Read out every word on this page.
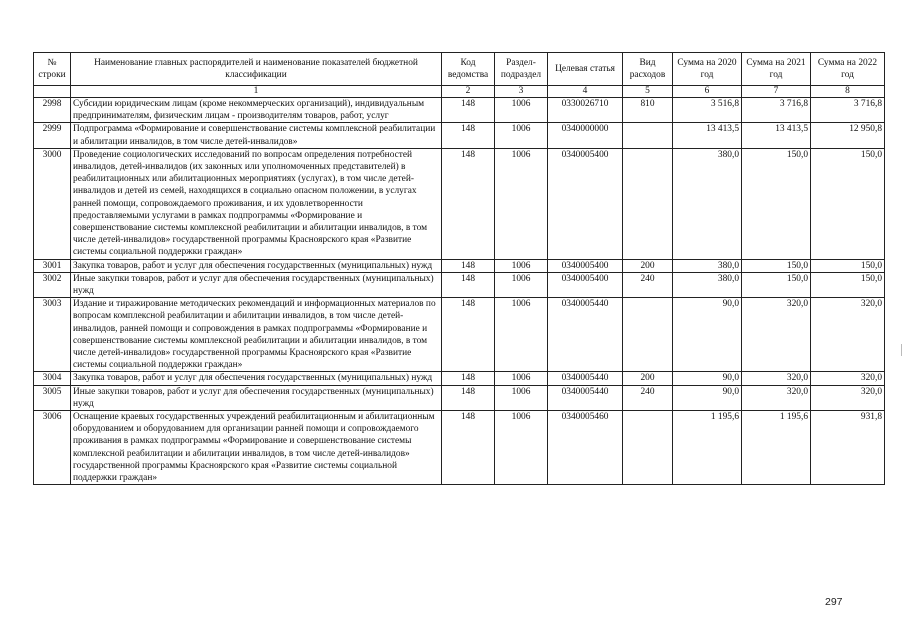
№ строки	Наименование главных распорядителей и наименование показателей бюджетной классификации	Код ведомства	Раздел-подраздел	Целевая статья	Вид расходов	Сумма на 2020 год	Сумма на 2021 год	Сумма на 2022 год
	1	2	3	4	5	6	7	8
2998	Субсидии юридическим лицам (кроме некоммерческих организаций), индивидуальным предпринимателям, физическим лицам - производителям товаров, работ, услуг	148	1006	0330026710	810	3 516,8	3 716,8	3 716,8
2999	Подпрограмма «Формирование и совершенствование системы комплексной реабилитации и абилитации инвалидов, в том числе детей-инвалидов»	148	1006	0340000000		13 413,5	13 413,5	12 950,8
3000	Проведение социологических исследований по вопросам определения потребностей инвалидов, детей-инвалидов (их законных или уполномоченных представителей) в реабилитационных или абилитационных мероприятиях (услугах), в том числе детей-инвалидов и детей из семей, находящихся в социально опасном положении, в услугах ранней помощи, сопровождаемого проживания, и их удовлетворенности предоставляемыми услугами в рамках подпрограммы «Формирование и совершенствование системы комплексной реабилитации и абилитации инвалидов, в том числе детей-инвалидов» государственной программы Красноярского края «Развитие системы социальной поддержки граждан»	148	1006	0340005400		380,0	150,0	150,0
3001	Закупка товаров, работ и услуг для обеспечения государственных (муниципальных) нужд	148	1006	0340005400	200	380,0	150,0	150,0
3002	Иные закупки товаров, работ и услуг для обеспечения государственных (муниципальных) нужд	148	1006	0340005400	240	380,0	150,0	150,0
3003	Издание и тиражирование методических рекомендаций и информационных материалов по вопросам комплексной реабилитации и абилитации инвалидов, в том числе детей-инвалидов, ранней помощи и сопровождения в рамках подпрограммы «Формирование и совершенствование системы комплексной реабилитации и абилитации инвалидов, в том числе детей-инвалидов» государственной программы Красноярского края «Развитие системы социальной поддержки граждан»	148	1006	0340005440		90,0	320,0	320,0
3004	Закупка товаров, работ и услуг для обеспечения государственных (муниципальных) нужд	148	1006	0340005440	200	90,0	320,0	320,0
3005	Иные закупки товаров, работ и услуг для обеспечения государственных (муниципальных) нужд	148	1006	0340005440	240	90,0	320,0	320,0
3006	Оснащение краевых государственных учреждений реабилитационным и абилитационным оборудованием и оборудованием для организации ранней помощи и сопровождаемого проживания в рамках подпрограммы «Формирование и совершенствование системы комплексной реабилитации и абилитации инвалидов, в том числе детей-инвалидов» государственной программы Красноярского края «Развитие системы социальной поддержки граждан»	148	1006	0340005460		1 195,6	1 195,6	931,8
297
